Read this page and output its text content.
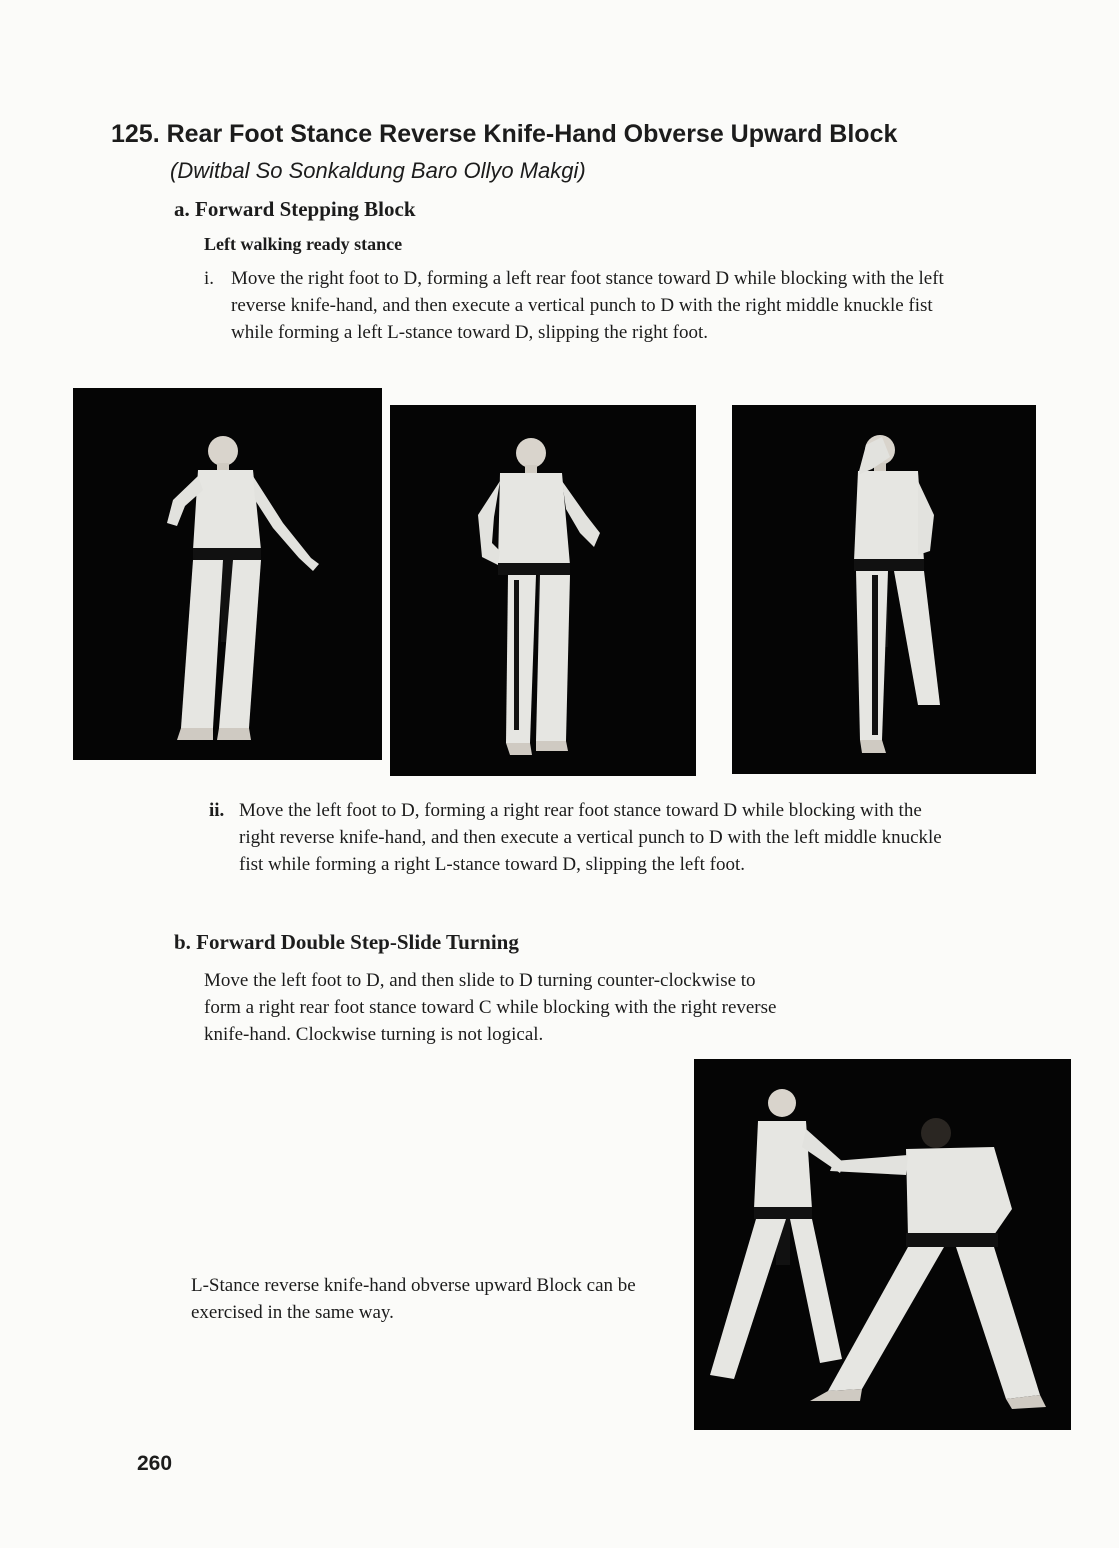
125. Rear Foot Stance Reverse Knife-Hand Obverse Upward Block
(Dwitbal So Sonkaldung Baro Ollyo Makgi)
a. Forward Stepping Block
Left walking ready stance
i. Move the right foot to D, forming a left rear foot stance toward D while blocking with the left reverse knife-hand, and then execute a vertical punch to D with the right middle knuckle fist while forming a left L-stance toward D, slipping the right foot.
ii. Move the left foot to D, forming a right rear foot stance toward D while blocking with the right reverse knife-hand, and then execute a vertical punch to D with the left middle knuckle fist while forming a right L-stance toward D, slipping the left foot.
b. Forward Double Step-Slide Turning
Move the left foot to D, and then slide to D turning counter-clockwise to form a right rear foot stance toward C while blocking with the right reverse knife-hand. Clockwise turning is not logical.
L-Stance reverse knife-hand obverse upward Block can be exercised in the same way.
260
